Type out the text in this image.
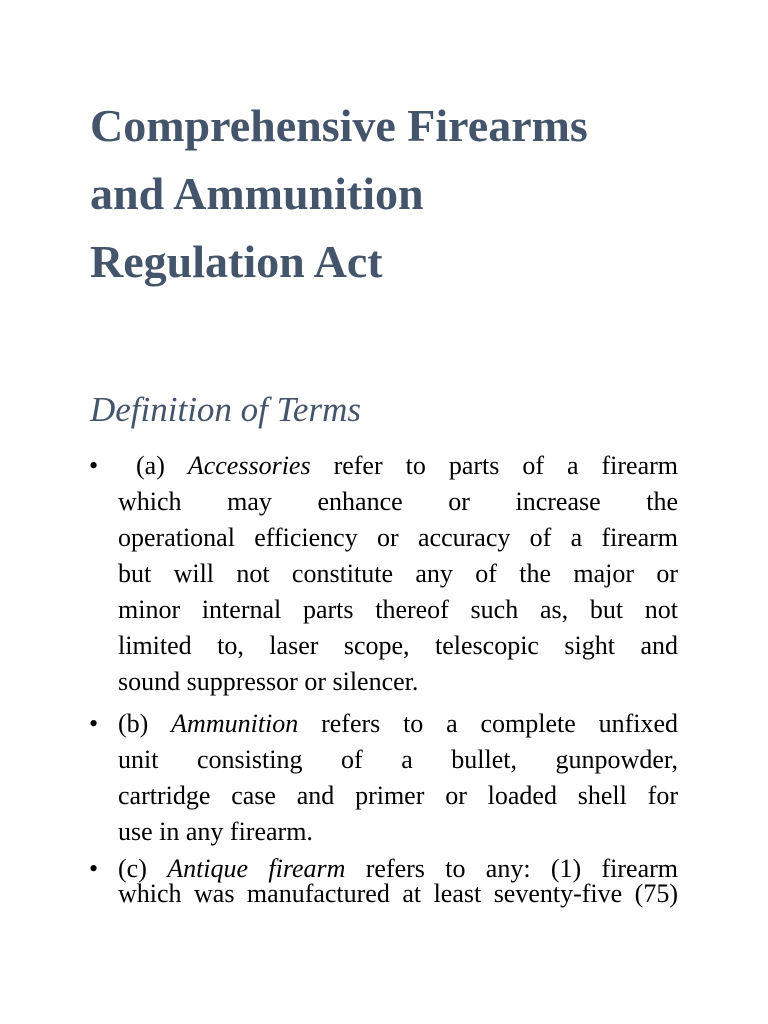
Comprehensive Firearms
and Ammunition
Regulation Act
Definition of Terms
• (a) Accessories refer to parts of a firearm
which may enhance or increase the
operational efficiency or accuracy of a firearm
but will not constitute any of the major or
minor internal parts thereof such as, but not
limited to, laser scope, telescopic sight and
sound suppressor or silencer.
• (b) Ammunition refers to a complete unfixed
unit consisting of a bullet, gunpowder,
cartridge case and primer or loaded shell for
use in any firearm.
• (c) Antique firearm refers to any: (1) firearm
which was manufactured at least seventy-five (75)
